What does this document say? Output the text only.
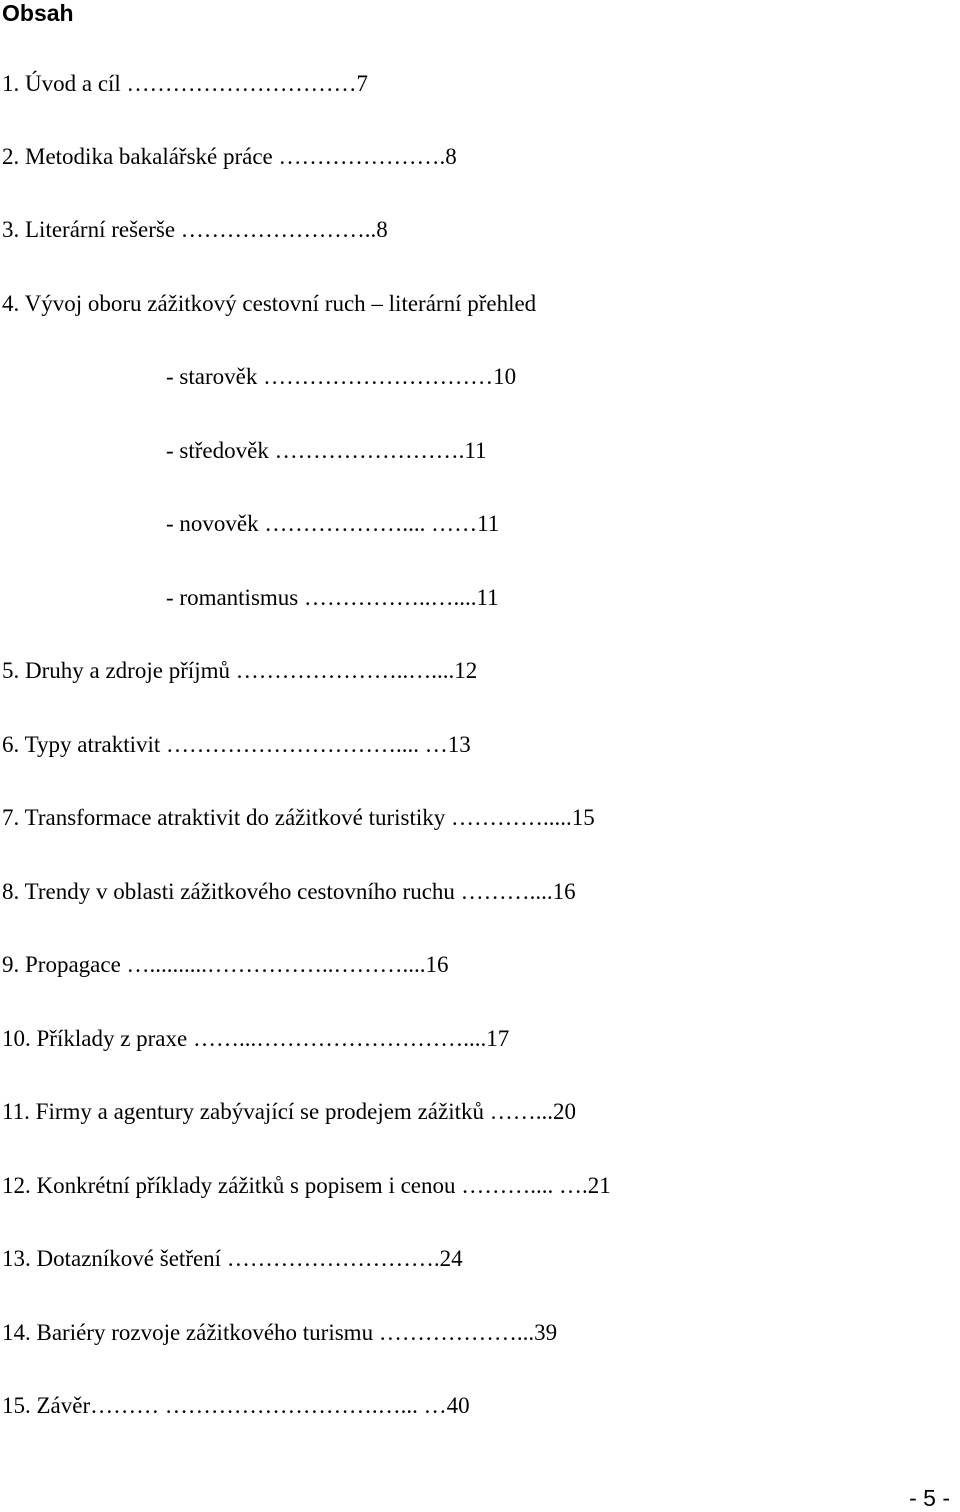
Obsah
1. Úvod a cíl …………………………7
2. Metodika bakalářské práce ………………….8
3. Literární rešerše ……………………..8
4. Vývoj oboru zážitkový cestovní ruch – literární přehled
- starověk …………………………10
- středověk …………………….11
- novověk ……………….... ……11
- romantismus ……………..…....11
5. Druhy a zdroje příjmů …………………..…....12
6. Typy atraktivit ………………………….... …13
7. Transformace atraktivit do zážitkové turistiky ………….....15
8. Trendy v oblasti zážitkového cestovního ruchu ………....16
9. Propagace …..........……………..………....16
10. Příklady z praxe ……...………………………....17
11. Firmy a agentury zabývající se prodejem zážitků ……...20
12. Konkrétní příklady zážitků s popisem i cenou ……….... ….21
13. Dotazníkové šetření ……………………….24
14. Bariéry rozvoje zážitkového turismu ………………...39
15. Závěr……… ……………………….…... …40
- 5 -
